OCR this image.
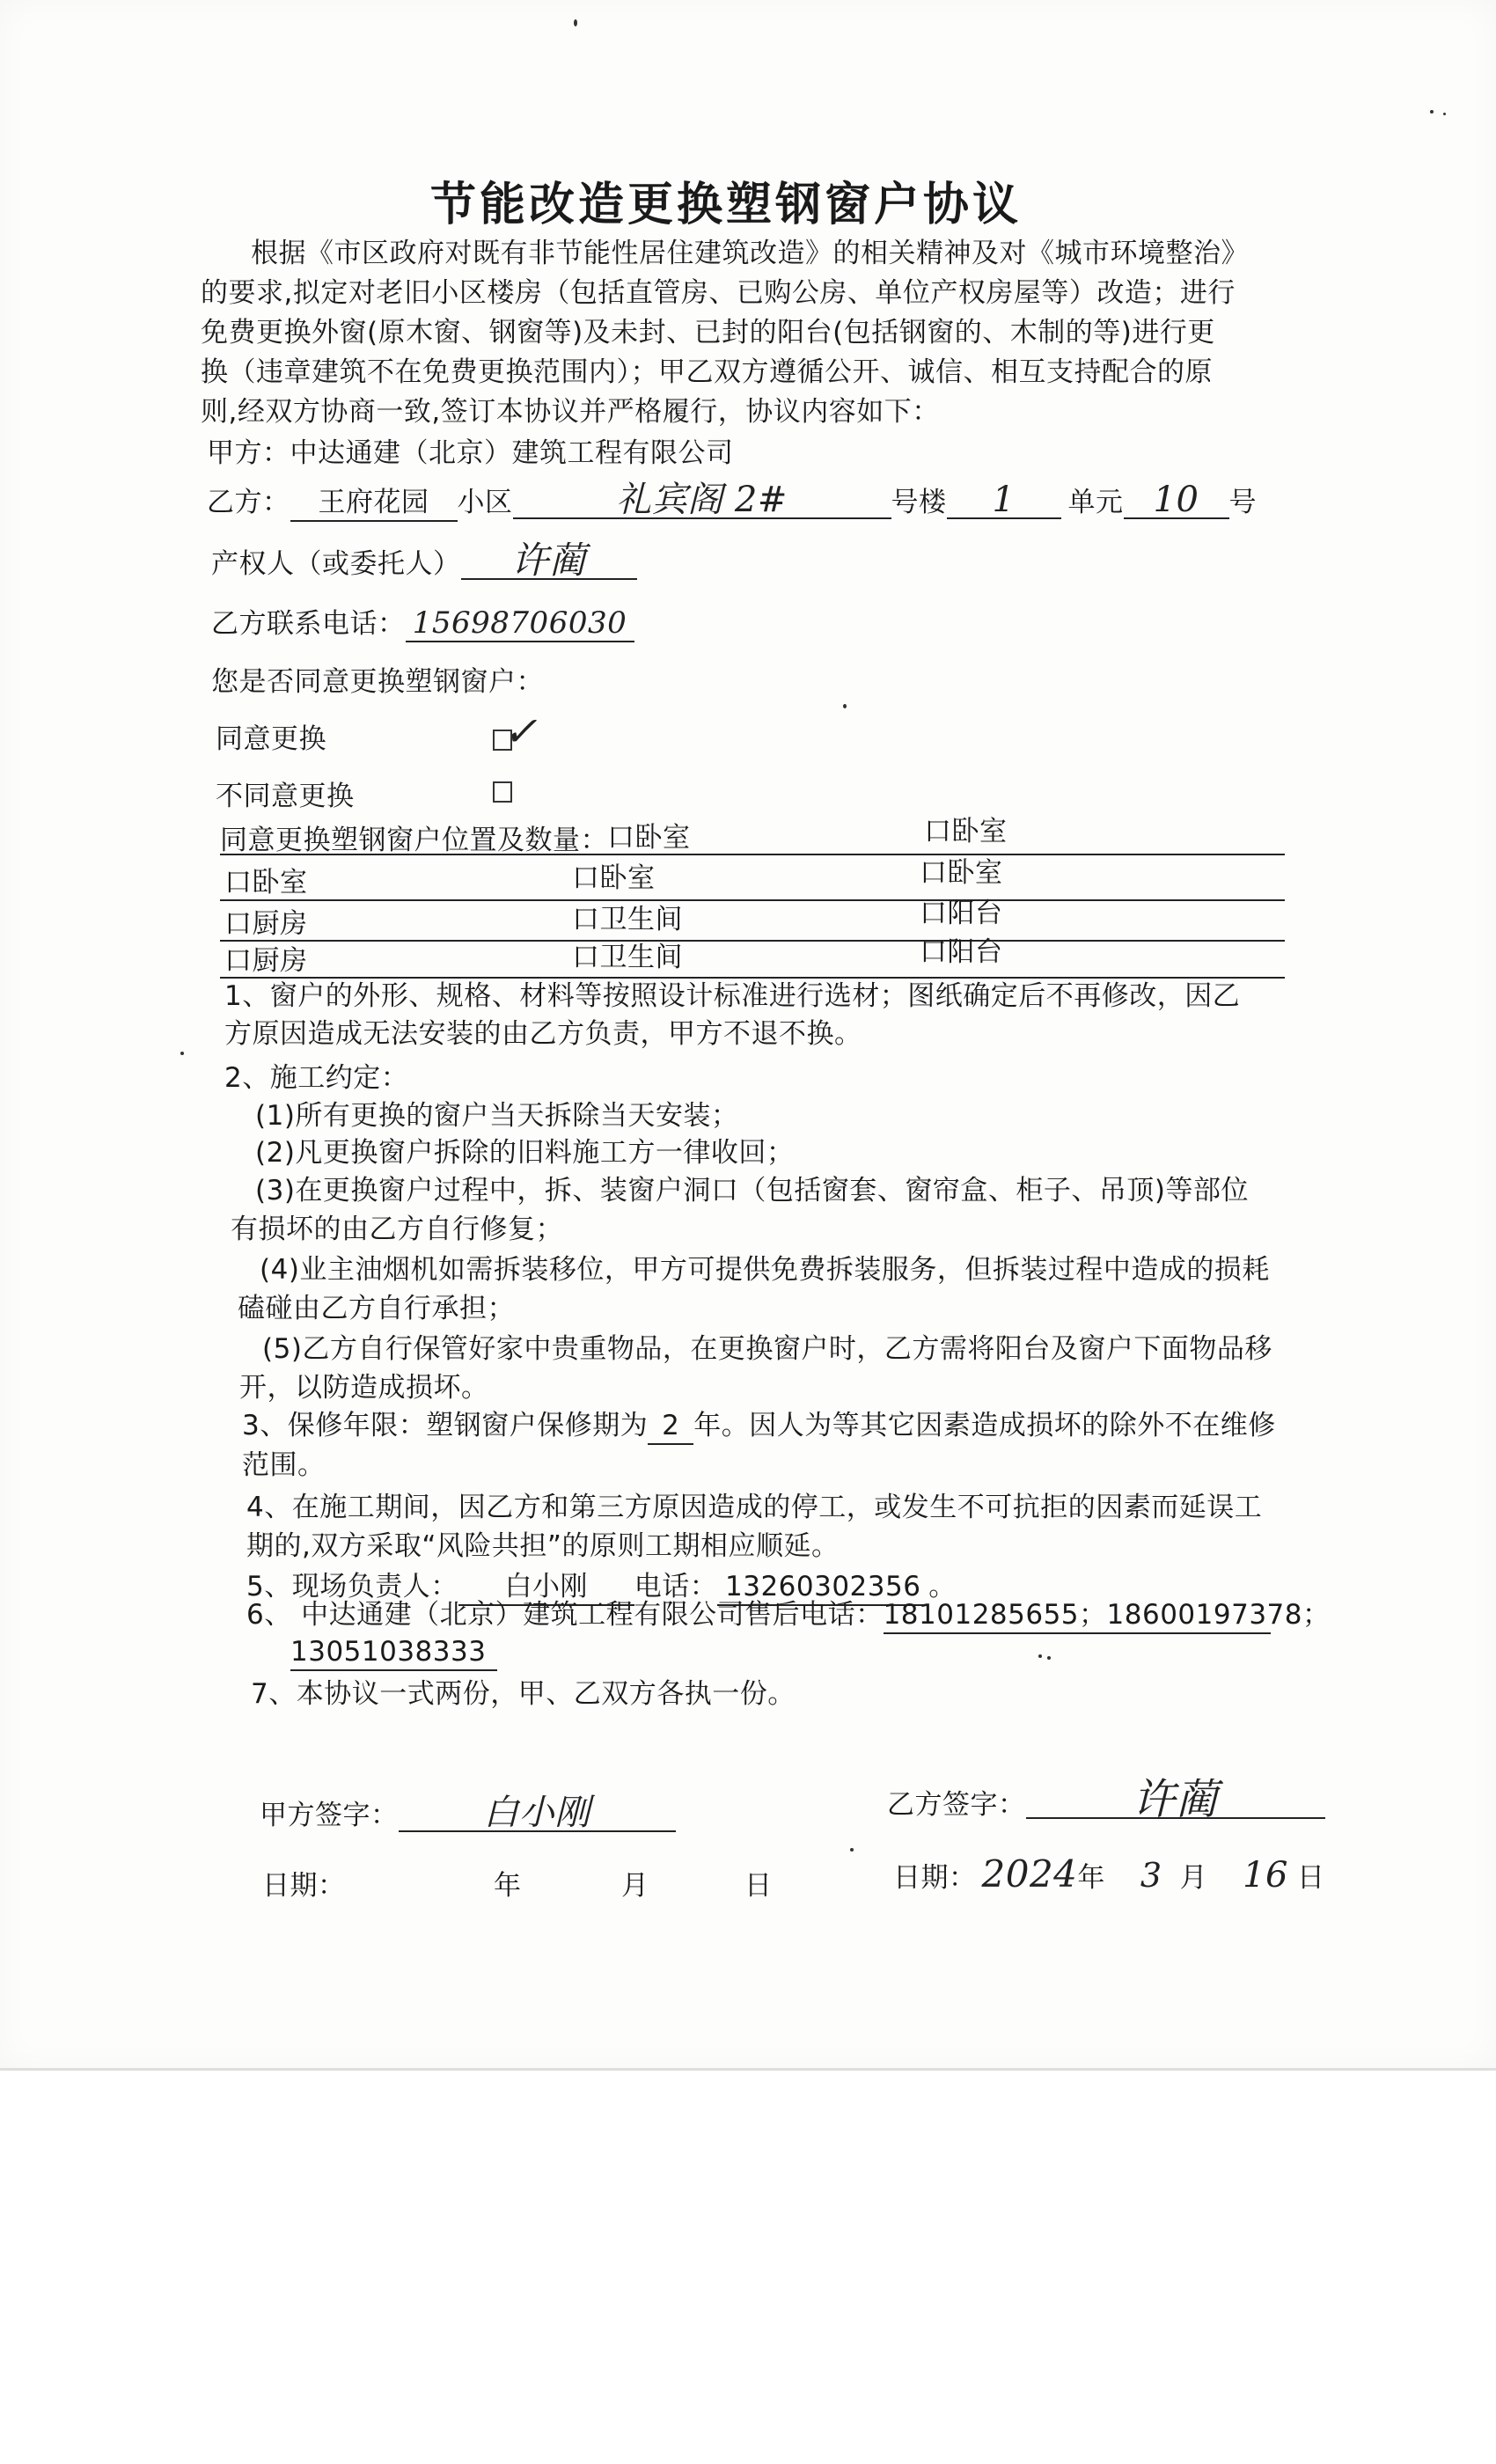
节能改造更换塑钢窗户协议
根据《市区政府对既有非节能性居住建筑改造》的相关精神及对《城市环境整治》
的要求,拟定对老旧小区楼房（包括直管房、已购公房、单位产权房屋等）改造；进行
免费更换外窗(原木窗、钢窗等)及未封、已封的阳台(包括钢窗的、木制的等)进行更
换（违章建筑不在免费更换范围内）；甲乙双方遵循公开、诚信、相互支持配合的原
则,经双方协商一致,签订本协议并严格履行，协议内容如下：
甲方：中达通建（北京）建筑工程有限公司
乙方： 王府花园 小区	礼宾阁 2#	号楼 1 单元 10 号
产权人（或委托人） 许蔺
乙方联系电话： 15698706030
您是否同意更换塑钢窗户：
同意更换	✓
不同意更换
同意更换塑钢窗户位置及数量： 口卧室	口卧室
口卧室	口卧室	口卧室
口厨房	口卫生间	口阳台
口厨房	口卫生间	口阳台
1、窗户的外形、规格、材料等按照设计标准进行选材；图纸确定后不再修改，因乙
方原因造成无法安装的由乙方负责，甲方不退不换。
2、施工约定：
(1)所有更换的窗户当天拆除当天安装；
(2)凡更换窗户拆除的旧料施工方一律收回；
(3)在更换窗户过程中，拆、装窗户洞口（包括窗套、窗帘盒、柜子、吊顶)等部位
有损坏的由乙方自行修复；
(4)业主油烟机如需拆装移位，甲方可提供免费拆装服务，但拆装过程中造成的损耗
磕碰由乙方自行承担；
(5)乙方自行保管好家中贵重物品，在更换窗户时，乙方需将阳台及窗户下面物品移
开，以防造成损坏。
3、保修年限：塑钢窗户保修期为 2 年。因人为等其它因素造成损坏的除外不在维修
范围。
4、在施工期间，因乙方和第三方原因造成的停工，或发生不可抗拒的因素而延误工
期的,双方采取“风险共担”的原则工期相应顺延。
5、现场负责人： 白小刚 电话： 13260302356 。
6、 中达通建（北京）建筑工程有限公司售后电话：18101285655；18600197378；
13051038333
7、本协议一式两份，甲、乙双方各执一份。
甲方签字： 白小刚	乙方签字：	许蔺
日期：	年	月	日	日期： 2024年 3 月 16 日
